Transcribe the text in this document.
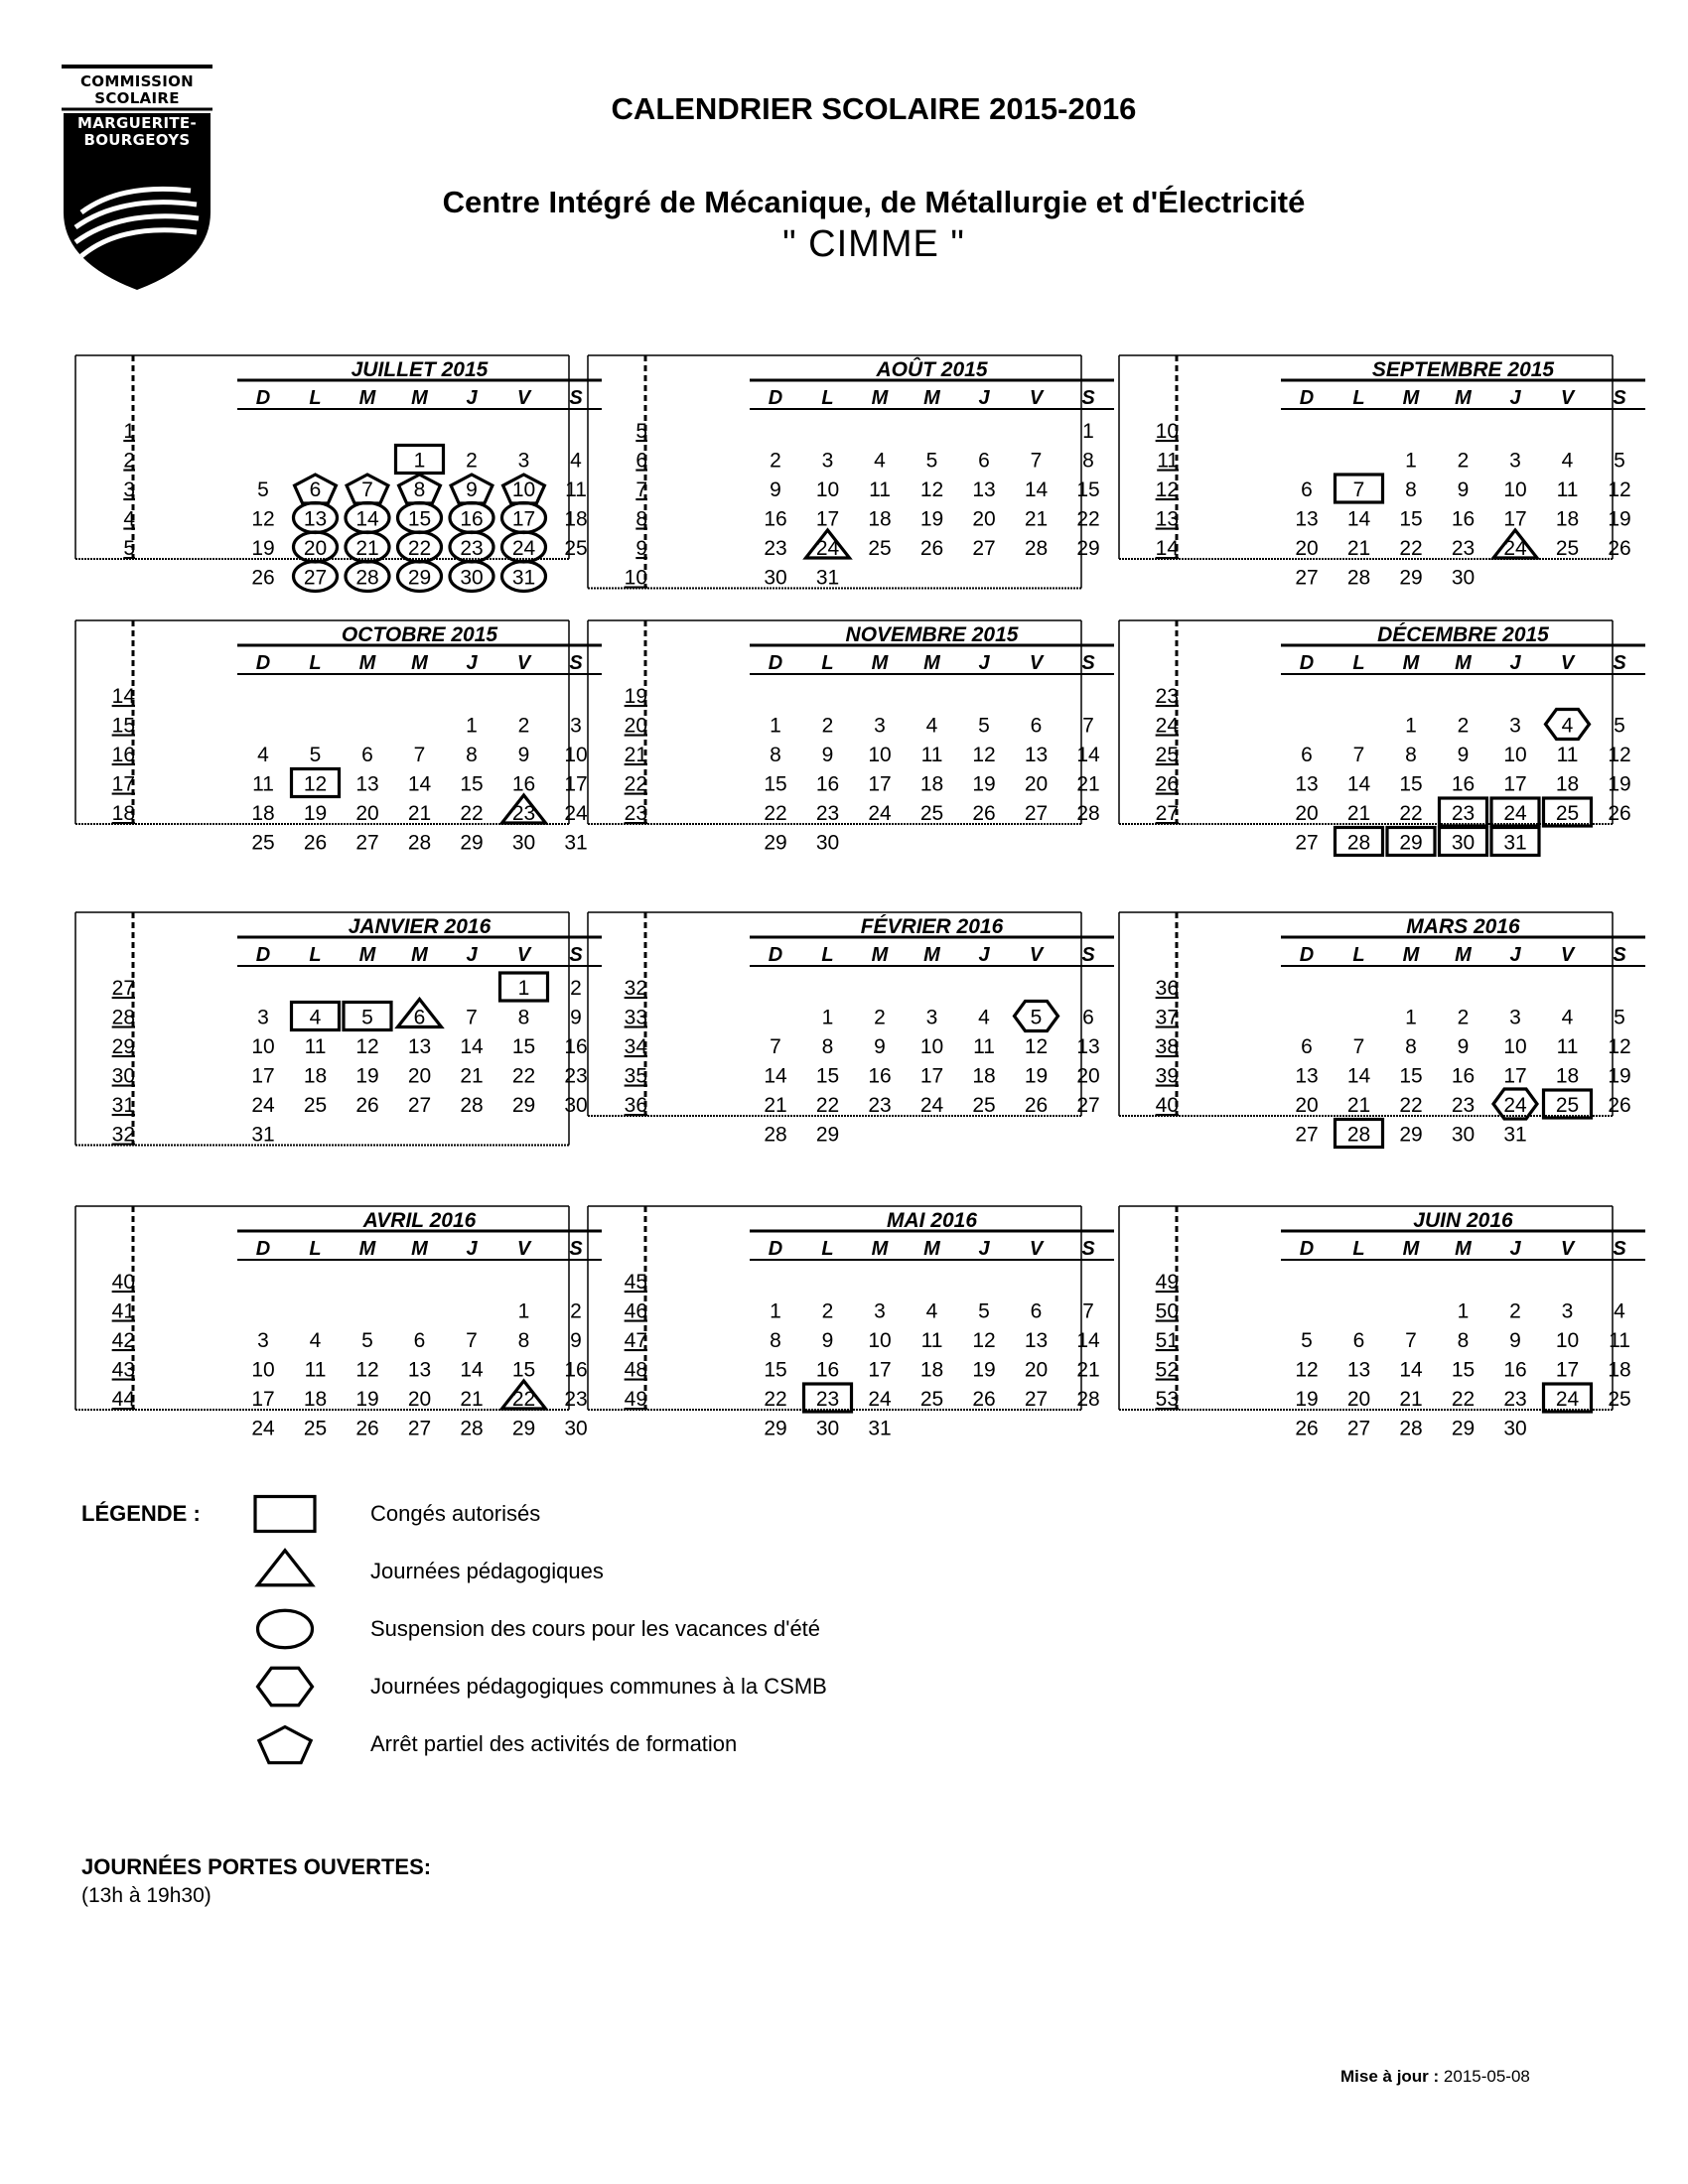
COMMISSION
SCOLAIRE
MARGUERITE-
BOURGEOYS
CALENDRIER SCOLAIRE 2015-2016
Centre Intégré de Mécanique, de Métallurgie et d'Électricité
" CIMME "
JUILLET 2015
D L M M J V S
1
2
3
4
5
1 2 3 4
5 6 7 8 9 10 11
12 13 14 15 16 17 18
19 20 21 22 23 24 25
26 27 28 29 30 31
AOÛT 2015
D L M M J V S
5
6
7
8
9
10
1
2 3 4 5 6 7 8
9 10 11 12 13 14 15
16 17 18 19 20 21 22
23 24 25 26 27 28 29
30 31
SEPTEMBRE 2015
D L M M J V S
10
11
12
13
14
1 2 3 4 5
6 7 8 9 10 11 12
13 14 15 16 17 18 19
20 21 22 23 24 25 26
27 28 29 30
OCTOBRE 2015
D L M M J V S
14
15
16
17
18
1 2 3
4 5 6 7 8 9 10
11 12 13 14 15 16 17
18 19 20 21 22 23 24
25 26 27 28 29 30 31
NOVEMBRE 2015
D L M M J V S
19
20
21
22
23
1 2 3 4 5 6 7
8 9 10 11 12 13 14
15 16 17 18 19 20 21
22 23 24 25 26 27 28
29 30
DÉCEMBRE 2015
D L M M J V S
23
24
25
26
27
1 2 3 4 5
6 7 8 9 10 11 12
13 14 15 16 17 18 19
20 21 22 23 24 25 26
27 28 29 30 31
JANVIER 2016
D L M M J V S
27
28
29
30
31
32
1 2
3 4 5 6 7 8 9
10 11 12 13 14 15 16
17 18 19 20 21 22 23
24 25 26 27 28 29 30
31
FÉVRIER 2016
D L M M J V S
32
33
34
35
36
1 2 3 4 5 6
7 8 9 10 11 12 13
14 15 16 17 18 19 20
21 22 23 24 25 26 27
28 29
MARS 2016
D L M M J V S
36
37
38
39
40
1 2 3 4 5
6 7 8 9 10 11 12
13 14 15 16 17 18 19
20 21 22 23 24 25 26
27 28 29 30 31
AVRIL 2016
D L M M J V S
40
41
42
43
44
1 2
3 4 5 6 7 8 9
10 11 12 13 14 15 16
17 18 19 20 21 22 23
24 25 26 27 28 29 30
MAI 2016
D L M M J V S
45
46
47
48
49
1 2 3 4 5 6 7
8 9 10 11 12 13 14
15 16 17 18 19 20 21
22 23 24 25 26 27 28
29 30 31
JUIN 2016
D L M M J V S
49
50
51
52
53
1 2 3 4
5 6 7 8 9 10 11
12 13 14 15 16 17 18
19 20 21 22 23 24 25
26 27 28 29 30
LÉGENDE :	Congés autorisés
Journées pédagogiques
Suspension des cours pour les vacances d'été
Journées pédagogiques communes à la CSMB
Arrêt partiel des activités de formation
JOURNÉES PORTES OUVERTES:
(13h à 19h30)
Mise à jour : 2015-05-08
